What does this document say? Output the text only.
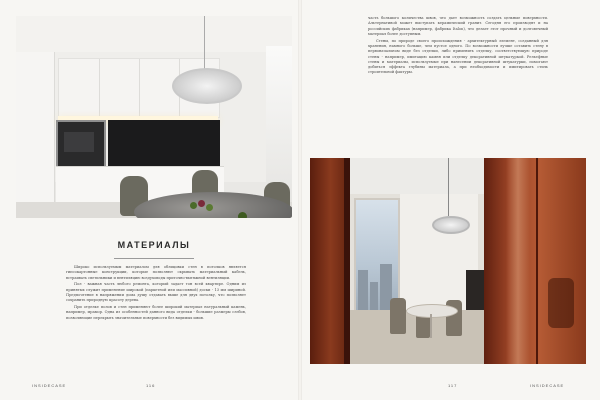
МАТЕРИАЛЫ

Широко используемым материалом для облицовки стен в потолков является гипсокартонные конструкции, которые позволяют скрывать материальный кабель, встраивать светильники и вентиляцию воздуховоды приточно-вытяжной вентиляции.

Пол - важная часть любого ремонта, который задает тон всей квартире. Одним из принятых служит применение широкой (паркетной или массивной) доски - 13 мм шириной. Предпочтение в напряжении дома душу отдавать выше для двух потолку, что позволяет сохранить природную красоту дерева.

При отделке полов и стен применяют более широкий материал натуральный камень, например, мрамор. Одна из особенностей данного вида отделки - большие размеры слэбов, позволяющие перекрыть значительные поверхности без видимых швов.

INSIDECASE	116

часть большого количества швов, что дает возможность создать цельные поверхности. Альтернативой может выступать керамический гранит. Сегодня его производят и на российских фабриках (например, фабрика Italon), что делает этот прочный и долговечный материал более доступным.

Стены, по природе своего происхождения - архитектурный элемент, созданный для хранения, намного больше, чем пустое одного. По возможности лучше оставить стену в первоначальном виде без отделки, либо применить отделку, соответствующую природе стены - например, имитацию камня или отделку декоративной штукатуркой. Рельефные стены и материалы, используемые при нанесении декоративной штукатурки, помогают добиться эффекта глубины материала, а при необходимости и имитировать стиль строительной фактуры.

117	INSIDECASE
